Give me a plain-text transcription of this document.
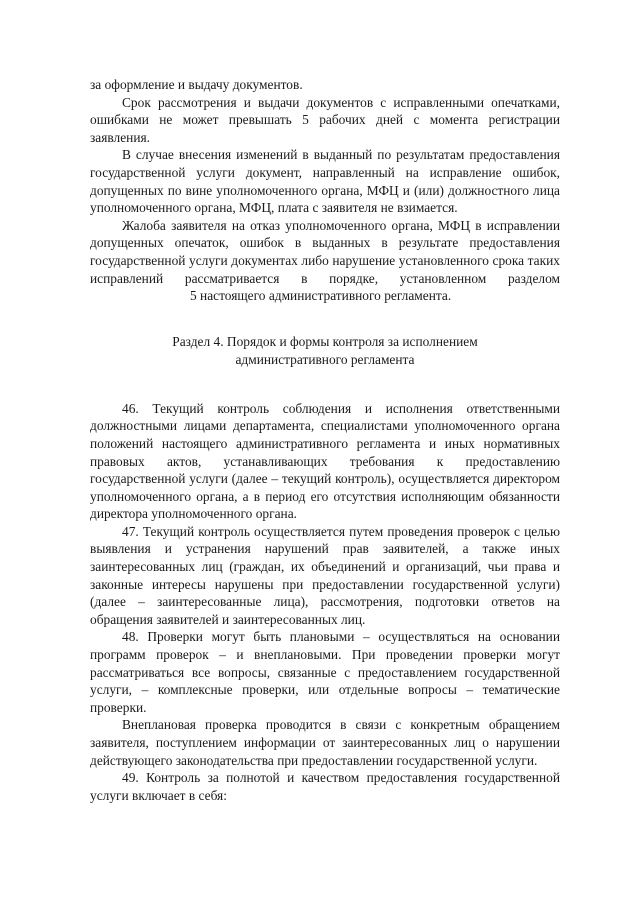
за оформление и выдачу документов.

Срок рассмотрения и выдачи документов с исправленными опечатками, ошибками не может превышать 5 рабочих дней с момента регистрации заявления.

В случае внесения изменений в выданный по результатам предоставления государственной услуги документ, направленный на исправление ошибок, допущенных по вине уполномоченного органа, МФЦ и (или) должностного лица уполномоченного органа, МФЦ, плата с заявителя не взимается.

Жалоба заявителя на отказ уполномоченного органа, МФЦ в исправлении допущенных опечаток, ошибок в выданных в результате предоставления государственной услуги документах либо нарушение установленного срока таких исправлений рассматривается в порядке, установленном разделом5 настоящего административного регламента.

Раздел 4. Порядок и формы контроля за исполнением
административного регламента

46. Текущий контроль соблюдения и исполнения ответственными должностными лицами департамента, специалистами уполномоченного органа положений настоящего административного регламента и иных нормативных правовых актов, устанавливающих требования к предоставлению государственной услуги (далее – текущий контроль), осуществляется директором уполномоченного органа, а в период его отсутствия исполняющим обязанности директора уполномоченного органа.

47. Текущий контроль осуществляется путем проведения проверок с целью выявления и устранения нарушений прав заявителей, а также иных заинтересованных лиц (граждан, их объединений и организаций, чьи права и законные интересы нарушены при предоставлении государственной услуги) (далее – заинтересованные лица), рассмотрения, подготовки ответов на обращения заявителей и заинтересованных лиц.

48. Проверки могут быть плановыми – осуществляться на основании программ проверок – и внеплановыми. При проведении проверки могут рассматриваться все вопросы, связанные с предоставлением государственной услуги, – комплексные проверки, или отдельные вопросы – тематические проверки.

Внеплановая проверка проводится в связи с конкретным обращением заявителя, поступлением информации от заинтересованных лиц о нарушении действующего законодательства при предоставлении государственной услуги.

49. Контроль за полнотой и качеством предоставления государственной услуги включает в себя:
